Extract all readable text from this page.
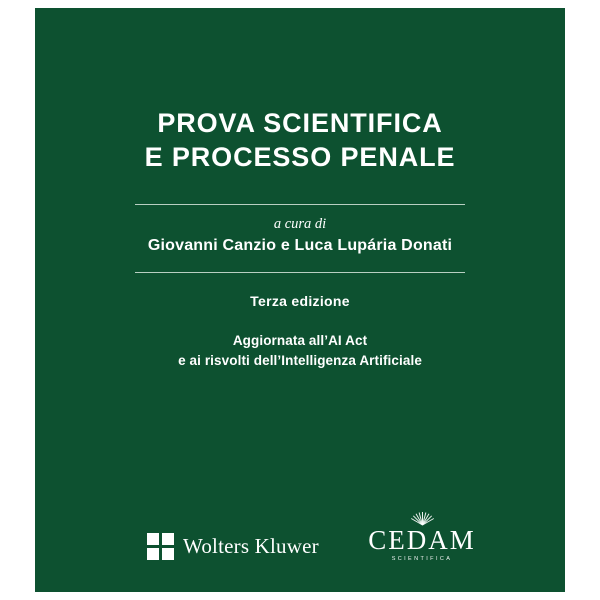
PROVA SCIENTIFICA
E PROCESSO PENALE
a cura di
Giovanni Canzio e Luca Lupária Donati
Terza edizione
Aggiornata all’AI Act
e ai risvolti dell’Intelligenza Artificiale
Wolters Kluwer	CEDAM
SCIENTIFICA
